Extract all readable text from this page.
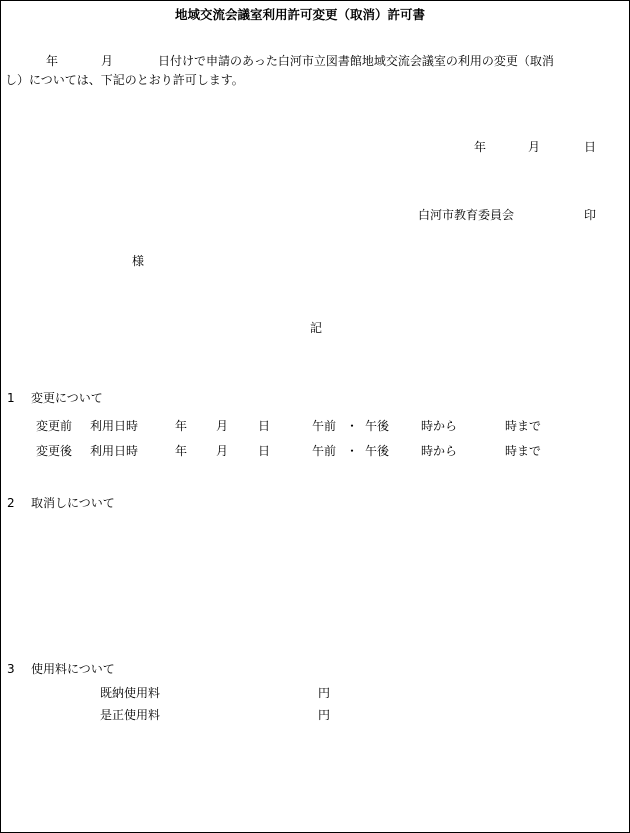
地域交流会議室利用許可変更（取消）許可書
年	月	日付けで申請のあった白河市立図書館地域交流会議室の利用の変更（取消
し）については、下記のとおり許可します。
年	月	日
白河市教育委員会	印
様
記
1 変更について
変更前 利用日時	年 月 日	午前 ・ 午後	時から	時まで
変更後 利用日時	年 月 日	午前 ・ 午後	時から	時まで
2 取消しについて
3 使用料について
既納使用料	円
是正使用料	円
